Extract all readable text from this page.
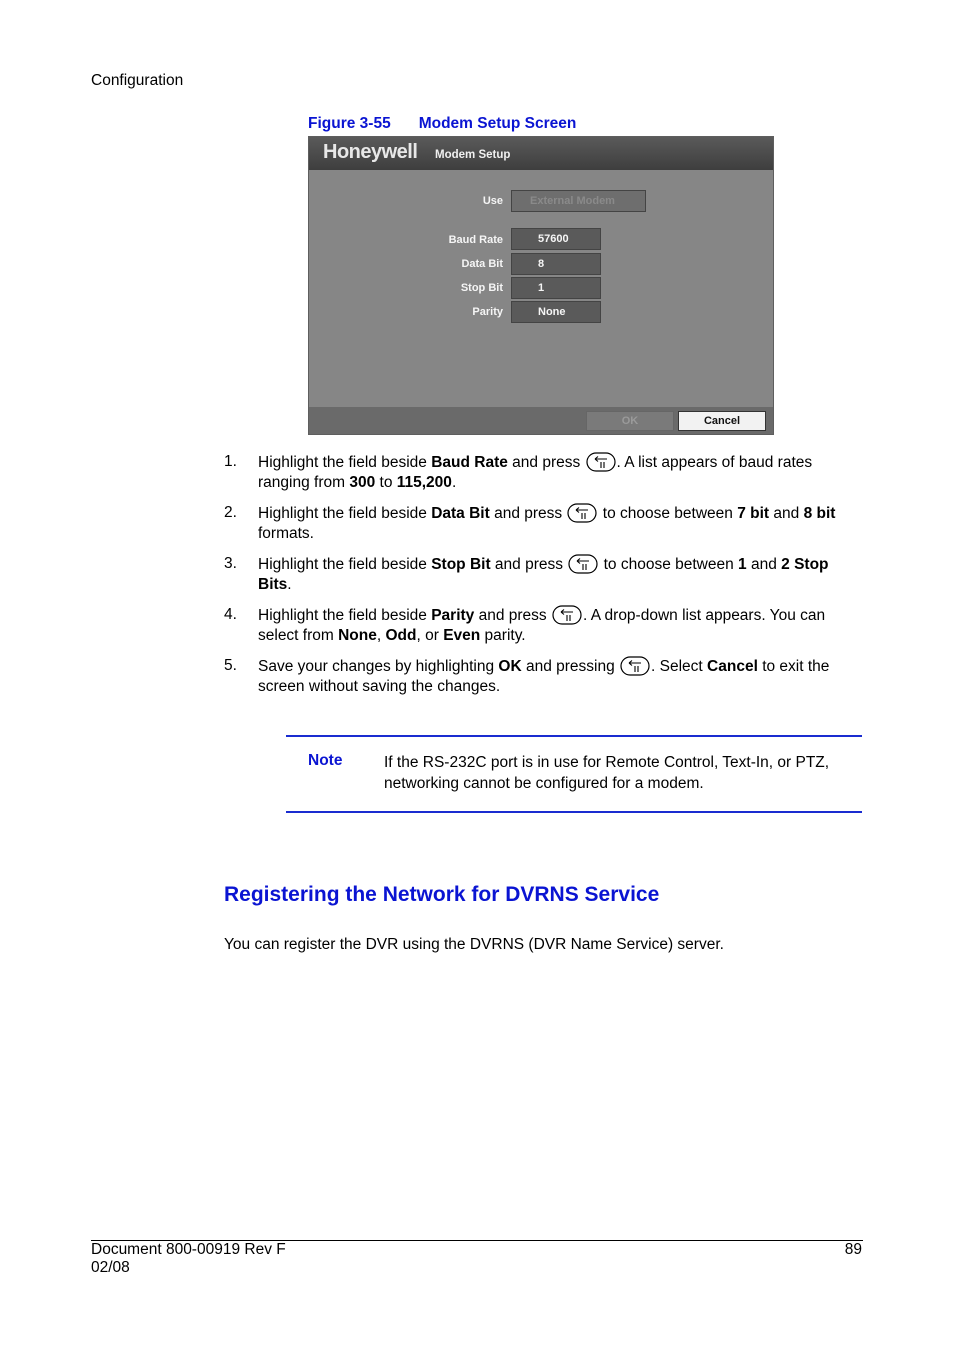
Configuration
Figure 3-55 Modem Setup Screen
Honeywell Modem Setup
Use	External Modem
Baud Rate	57600
Data Bit	8
Stop Bit	1
Parity	None
OK	Cancel
1. Highlight the field beside Baud Rate and press . A list appears of baud rates ranging from 300 to 115,200.
2. Highlight the field beside Data Bit and press  to choose between 7 bit and 8 bit formats.
3. Highlight the field beside Stop Bit and press  to choose between 1 and 2 Stop Bits.
4. Highlight the field beside Parity and press . A drop-down list appears. You can select from None, Odd, or Even parity.
5. Save your changes by highlighting OK and pressing . Select Cancel to exit the screen without saving the changes.
Note	If the RS-232C port is in use for Remote Control, Text-In, or PTZ, networking cannot be configured for a modem.
Registering the Network for DVRNS Service
You can register the DVR using the DVRNS (DVR Name Service) server.
Document 800-00919 Rev F
02/08
89
